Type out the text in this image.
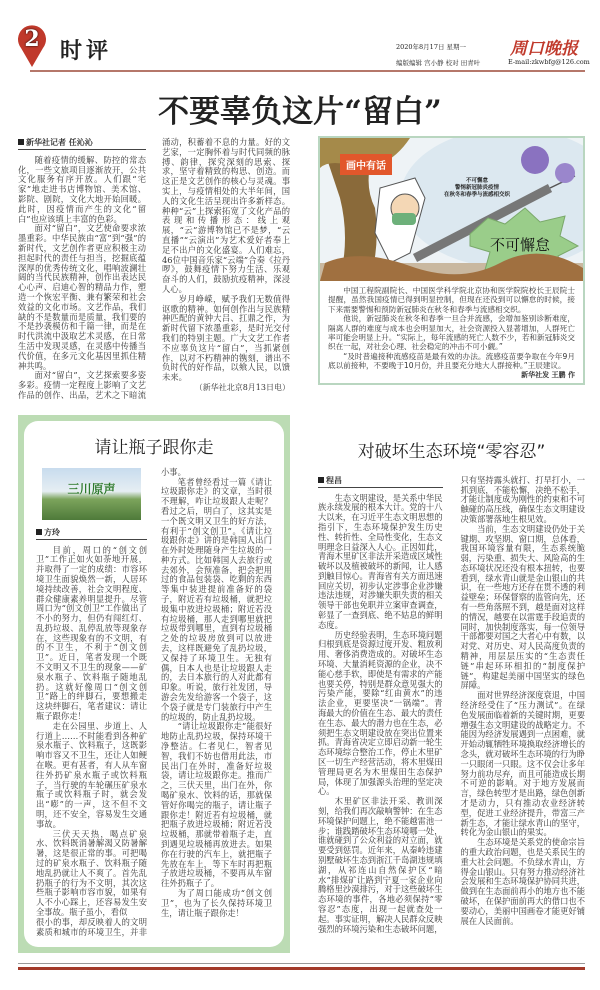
2 时评	2020年8月17日 星期一
编版编辑 宫小静 校对 田青叶
周口晚报
E-mail:zkwbfg@126.com
不要辜负这片“留白”
新华社记者 任沁沁

随着疫情的缓解、防控的常态化，一些文旅项目逐渐放开，公共文化服务有序开放。人们跟“宅家”地走进书店博物馆、美术馆、影院、剧院，文化大地开始回暖。此时，因疫情而产生的文化“留白”也应该填上丰富的色彩。

面对“留白”，文艺使命要求浓墨重彩。中华民族由“富”到“强”的新时代，文艺创作者更应积极主动担起时代的责任与担当，挖掘底蕴深厚的优秀传统文化，唱响波澜壮阔的当代民族精神，创作出表达民心心声、启迪心智的精品力作，塑造一个恢宏平衡、兼有繁荣和社会效益的文化市场。文艺作品，我们缺的不是数量而是质量，我们要的不是抄袭模仿和千篇一律，而是在时代洪流中汲取艺术灵感，在日常生活中发现灵感，在灵感中传播当代价值，在多元文化基因里抓住精神共鸣。

面对“留白”，文艺探索要多姿多彩。疫情一定程度上影响了文艺作品的创作、出品，艺术之下暗流涌动，积蓄着不息的力量。好的文艺家，一定胸怀着与时代同频的脉搏、韵律，探究深刻的思索、探求，坚守着精致的构思、创造。而这正是文艺创作的核心与灵魂。事实上，与疫情相处的大半年间，国人的文化生活呈现出许多新样态。种种“云”上探索拓宽了文化产品的表现和传播形态：线上观展，“云”游博物馆已不是梦，“云直播”“云演出”为艺术爱好者奉上足不出户的文化盛宴。人们难忘，46位中国音乐家“云端”合奏《拉丹啰》，鼓舞疫情下努力生活、乐观奋斗的人们，鼓励抗疫精神，深浸人心。

岁月峥嵘，赋予我们无数值得讴歌的精神。如何创作出与民族精神匹配的黄钟大吕、扛鼎之作，为新时代留下浓墨重彩，是时光交付我们的特别主题。广大文艺工作者不应辜负这片“留白”，当抓紧创作，以对不朽精神的镌刻，谱出不负时代的好作品，以飨人民，以馈未来。

（新华社北京8月13日电）
画中有话
不可懈怠
警惕新冠肺炎疫情
在秋冬和春季与流感相交织
不可懈怠

中国工程院副院长、中国医学科学院北京协和医学院院校长王辰院士提醒，虽然我国疫情已得到明显控制，但现在还没到可以懈怠的时候，接下来需要警惕和预防新冠肺炎在秋冬和春季与流感相交织。

他说，新冠肺炎在秋冬和春季一旦合并流感，会增加鉴别诊断难度，隔离人群的难度与成本也会明显加大，社会资源投入显著增加，人群死亡率可能会明显上升。“实际上，每年流感的死亡人数不少，若和新冠肺炎交织在一起，对社会心理、社会稳定的冲击不可小觑。”

“及时普遍接种流感疫苗是最有效的办法。流感疫苗要争取在今年9月底以前接种，不要晚于10月份，并且要充分地大人群接种。”王辰建议。

新华社发 王鹏 作
请让瓶子跟你走
三川原声
方玲

目前，周口的“创文创卫”工作正如火如荼地开展，并取得了一定的成绩：市容环境卫生面貌焕然一新，人居环境持续改善，社会文明程度、群众健康素养明显提升。尽管周口为“创文创卫”工作做出了不小的努力，但仍有闯红灯、乱扔垃圾、乱停乱放等现象存在，这些现象有的不文明，有的不卫生，不利于“创文创卫”。近日，笔者发现一个既不文明又不卫生的现象——矿泉水瓶子、饮料瓶子随地乱扔。这就好像周口“创文创卫”路上的绊脚石，要想搬走这块绊脚石，笔者建议：请让瓶子跟你走！

走在公园里、步道上、人行道上……不时能看到各种矿泉水瓶子、饮料瓶子，这既影响市容又不卫生，还让人如鲠在喉。更有甚者，有人从车窗往外扔矿泉水瓶子或饮料瓶子，当行驶的车轮碾压矿泉水瓶子或饮料瓶子时，就会发出“嘭”的一声，这不但不文明，还不安全，容易发生交通事故。

三伏天天热，喝点矿泉水、饮料既消暑解渴又防暑解暑，这是很正常的事。可把喝过的矿泉水瓶子、饮料瓶子随地乱扔就让人不爽了。首先乱扔瓶子的行为不文明，其次这些瓶子影响市容市貌，如果有人不小心踩上，还容易发生安全事故。瓶子虽小，看似

很小的事，却反映着人的文明素质和城市的环境卫生，并非小事。

笔者曾经看过一篇《请让垃圾跟你走》的文章，当时很不理解，咋让垃圾跟人走呢？看过之后，明白了，这其实是一个既文明又卫生的好方法，有利于“创文创卫”。《请让垃圾跟你走》讲的是韩国人出门在外时处理随身产生垃圾的一种方式。比如韩国人去旅行或去郊外，会预准备，把会把用过的食品包装袋、吃剩的东西等集中装进提前准备好的袋子，附近若有垃圾桶，就把垃圾集中放进垃圾桶；附近若没有垃圾桶，那人走到哪里就把垃圾带到哪里，直到有垃圾桶之处的垃圾房放到可以放进去，这样既避免了乱扔垃圾，又保持了环境卫生。无独有偶，日本人也是让垃圾跟人走的，去日本旅行的人对此都有印象。听说，旅行社发团，导游会先发给游客一个袋子，这个袋子就是专门装旅行中产生的垃圾的，防止乱扔垃圾。

“请让垃圾跟你走”能很好地防止乱扔垃圾，保持环境干净整洁。仁者见仁，智者见智，我们不妨也借用此法，市民出门在外时，准备好垃圾袋，请让垃圾跟你走。推而广之，三伏天里，出门在外，你喝矿泉水、饮料的话，那就保管好你喝完的瓶子，请让瓶子跟你走！附近若有垃圾桶，就把瓶子放进垃圾桶；附近若没垃圾桶，那就带着瓶子走，直到遇见垃圾桶再放进去。如果你在行驶的汽车上，就把瓶子先放在车上，等下车时再把瓶子放进垃圾桶，不要再从车窗往外扔瓶子了。

为了周口能成功“创文创卫”，也为了长久保持环境卫生，请让瓶子跟你走！

对破坏生态环境“零容忍”
程昌

生态文明建设，是关系中华民族永续发展的根本大计。党的十八大以来，在习近平生态文明思想的指引下，生态环境保护发生历史性、转折性、全局性变化，生态文明理念日益深入人心。正因如此，青海木里矿区非法开采造成区域性破坏以及植被破坏的新闻，让人感到触目惊心。青海省有关方面迅速回应关切，初步认定涉事企业涉嫌违法违规，对涉嫌失职失责的相关领导干部也免职并立案审查调查，彰显了一查到底、绝不姑息的鲜明态度。

历史经验表明，生态环境问题归根到底是资源过度开发、粗放利用、奢侈消费造成的。对破坏生态环境、大量消耗资源的企业，决不能心慈手软，即使是有需求的产能也要关停，特别是群众意见强大的污染产能，要除“红由黄水”的违法企业，更要坚决“一锅端”。青海最大的价值在生态、最大的责任在生态、最大的潜力也在生态，必须把生态文明建设放在突出位置来抓。青海省决定立即启动新一轮生态环境综合整治工作，停止木里矿区一切生产经营活动，将木里煤田管理局更名为木里煤田生态保护局，体现了加强源头治理的坚定决心。

木里矿区非法开采、教训深刻，给我们再次敲响警钟：在生态环境保护问题上，绝不能越雷池一步；谁践踏破坏生态环境哪一处，谁就碰到了公众利益的对立面，就要受到惩罚。近年来，从秦岭违建别墅破坏生态到浙江千岛湖违规填湖，从祁连山自然保护区“暗水”排煤矿让路到宁夏一家企业向腾格里沙漠排污，对于这些破坏生态环境的事件，各地必须保持“零容忍”态度，出现一起就查处一起。事实证明，解决人民群众反映强烈的环境污染和生态破坏问题，只有坚持露头就打、打早打小，一抓到底，不能松懈，决绝不松手，才能让制度成为刚性的约束和不可触碰的高压线，确保生态文明建设决策部署落地生根见效。

当前，生态文明建设仍处于关键期、攻坚期、窗口期，总体看，我国环境容量有限，生态系统脆弱，污染重、损失大、风险高的生态环境状况还没有根本扭转，也要看到，绿水青山就是金山银山的共识，在一些地方还存在贯不透的利益壁垒；环保督察的监管向先，还有一些角落照不到，越是面对这样的情况，越要在以雷霆手段追责的同时，加快制度落实，每一位领导干部都要对国之大者心中有数，以对党、对历史、对人民高度负责的精神，用层层压实的“生态责任链”串起环环相扣的“制度保护链”，构建起美丽中国坚实的绿色屏障。

面对世界经济深度衰退，中国经济经受住了“压力测试”。在绿色发展面临着新的关键时期，更要增强生态文明建设的战略定力。不能因为经济发展遇到一点困难，就开始动辄牺牲环境换取经济增长的念头，就对破坏生态环境的行为睁一只眼闭一只眼。这不仅会让多年努力前功尽弃，而且可能造成长期不可逆的影响。对于地方发展而言，绿色转型才是出路，绿色创新才是动力，只有推动农业经济转型，促进工业经济提升，带富三产新生态，才能让绿水青山的坚守，转化为金山银山的果实。

生态环境是关系党的使命宗旨的重大政治问题，也是关系民生的重大社会问题。不负绿水青山，方得金山银山。只有努力推动经济社会发展和生态环境保护协同共进，做到在生态面前再小的地方也不能破坏，在保护面前再大的借口也不要动心，美丽中国画卷才能更好铺展在人民面前。
